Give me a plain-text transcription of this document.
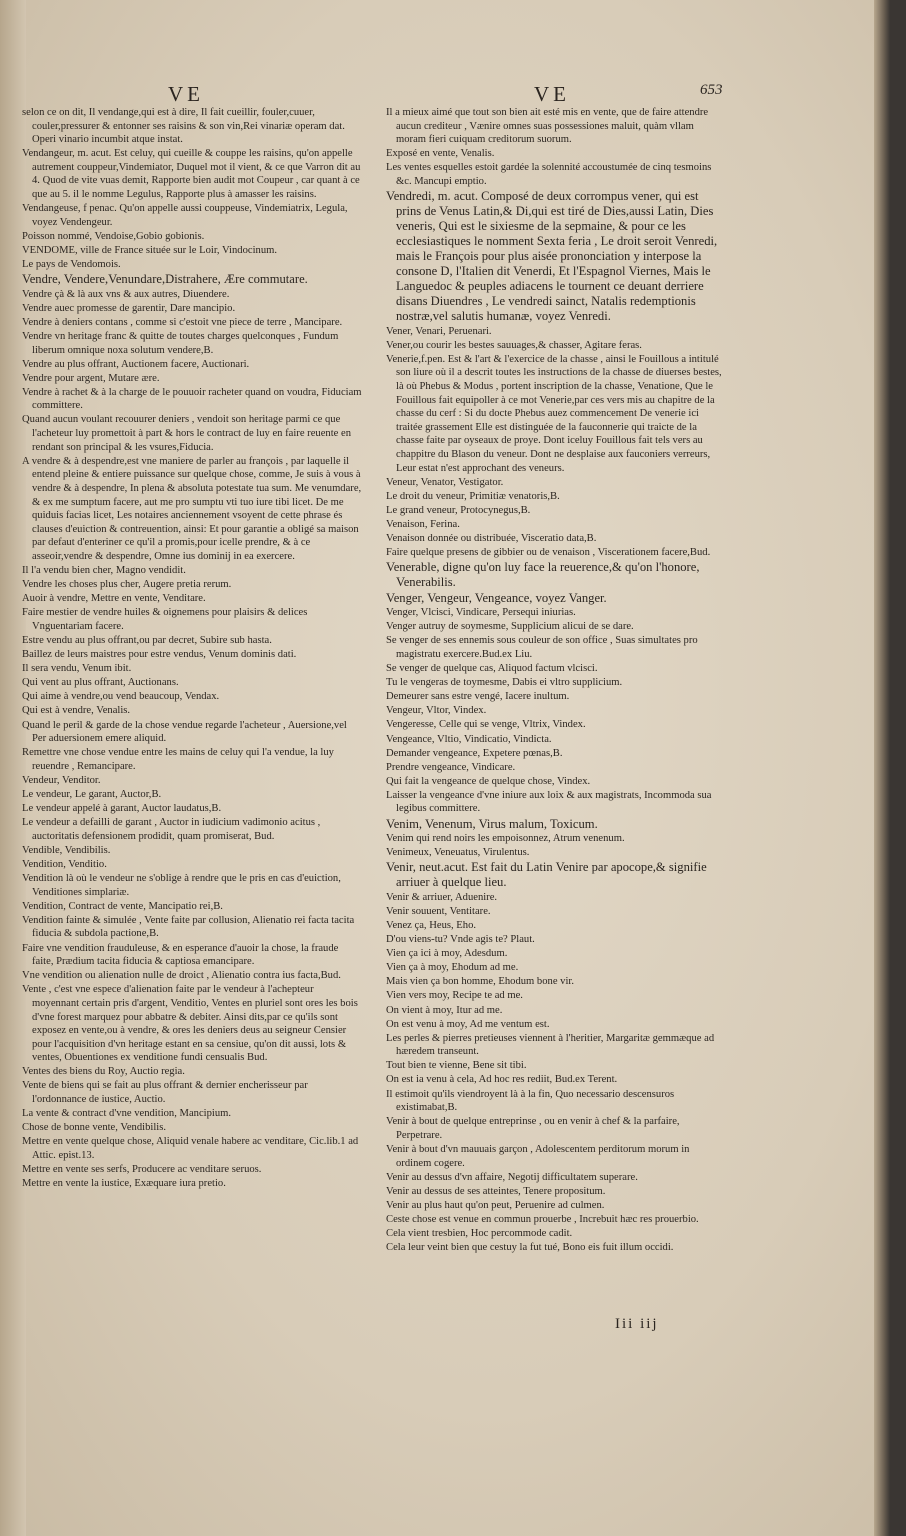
VE	VE	653

selon ce on dit, Il vendange,qui est à dire, Il fait cueillir, fouler,cuuer, couler,pressurer & entonner ses raisins & son vin,Rei vinariæ operam dat. Operi vinario incumbit atque instat.

Vendangeur, m. acut. Est celuy, qui cueille & couppe les raisins, qu'on appelle autrement couppeur,Vindemiator, Duquel mot il vient, & ce que Varron dit au 4. Quod de vite vuas demit, Rapporte bien audit mot Coupeur , car quant à ce que au 5. il le nomme Legulus, Rapporte plus à amasser les raisins.

Vendangeuse, f penac. Qu'on appelle aussi couppeuse, Vindemiatrix, Legula, voyez Vendengeur.

Poisson nommé, Vendoise,Gobio gobionis.

VENDOME, ville de France située sur le Loir, Vindocinum.

Le pays de Vendomois.

Vendre, Vendere,Venundare,Distrahere, Ære commutare.

Vendre çà & là aux vns & aux autres, Diuendere.

Vendre auec promesse de garentir, Dare mancipio.

Vendre à deniers contans , comme si c'estoit vne piece de terre , Mancipare.

Vendre vn heritage franc & quitte de toutes charges quelconques , Fundum liberum omnique noxa solutum vendere,B.

Vendre au plus offrant, Auctionem facere, Auctionari.

Vendre pour argent, Mutare ære.

Vendre à rachet & à la charge de le pouuoir racheter quand on voudra, Fiduciam committere.

Quand aucun voulant recouurer deniers , vendoit son heritage parmi ce que l'acheteur luy promettoit à part & hors le contract de luy en faire reuente en rendant son principal & les vsures,Fiducia.

A vendre & à despendre,est vne maniere de parler au françois , par laquelle il entend pleine & entiere puissance sur quelque chose, comme, Je suis à vous à vendre & à despendre, In plena & absoluta potestate tua sum. Me venumdare, & ex me sumptum facere, aut me pro sumptu vti tuo iure tibi licet. De me quiduis facias licet, Les notaires anciennement vsoyent de cette phrase és clauses d'euiction & contreuention, ainsi: Et pour garantie a obligé sa maison par defaut d'enteriner ce qu'il a promis,pour icelle prendre, & à ce asseoir,vendre & despendre, Omne ius dominij in ea exercere.

Il l'a vendu bien cher, Magno vendidit.

Vendre les choses plus cher, Augere pretia rerum.

Auoir à vendre, Mettre en vente, Venditare.

Faire mestier de vendre huiles & oignemens pour plaisirs & delices Vnguentariam facere.

Estre vendu au plus offrant,ou par decret, Subire sub hasta.

Baillez de leurs maistres pour estre vendus, Venum dominis dati.

Il sera vendu, Venum ibit.

Qui vent au plus offrant, Auctionans.

Qui aime à vendre,ou vend beaucoup, Vendax.

Qui est à vendre, Venalis.

Quand le peril & garde de la chose vendue regarde l'acheteur , Auersione,vel Per aduersionem emere aliquid.

Remettre vne chose vendue entre les mains de celuy qui l'a vendue, la luy reuendre , Remancipare.

Vendeur, Venditor.

Le vendeur, Le garant, Auctor,B.

Le vendeur appelé à garant, Auctor laudatus,B.

Le vendeur a defailli de garant , Auctor in iudicium vadimonio acitus , auctoritatis defensionem prodidit, quam promiserat, Bud.

Vendible, Vendibilis.

Vendition, Venditio.

Vendition là où le vendeur ne s'oblige à rendre que le pris en cas d'euiction, Venditiones simplariæ.

Vendition, Contract de vente, Mancipatio rei,B.

Vendition fainte & simulée , Vente faite par collusion, Alienatio rei facta tacita fiducia & subdola pactione,B.

Faire vne vendition frauduleuse, & en esperance d'auoir la chose, la fraude faite, Prædium tacita fiducia & captiosa emancipare.

Vne vendition ou alienation nulle de droict , Alienatio contra ius facta,Bud.

Vente , c'est vne espece d'alienation faite par le vendeur à l'achepteur moyennant certain pris d'argent, Venditio, Ventes en pluriel sont ores les bois d'vne forest marquez pour abbatre & debiter. Ainsi dits,par ce qu'ils sont exposez en vente,ou à vendre, & ores les deniers deus au seigneur Censier pour l'acquisition d'vn heritage estant en sa censiue, qu'on dit aussi, lots & ventes, Obuentiones ex venditione fundi censualis Bud.

Ventes des biens du Roy, Auctio regia.

Vente de biens qui se fait au plus offrant & dernier encherisseur par l'ordonnance de iustice, Auctio.

La vente & contract d'vne vendition, Mancipium.

Chose de bonne vente, Vendibilis.

Mettre en vente quelque chose, Aliquid venale habere ac venditare, Cic.lib.1 ad Attic. epist.13.

Mettre en vente ses serfs, Producere ac venditare seruos.

Mettre en vente la iustice, Exæquare iura pretio.

Il a mieux aimé que tout son bien ait esté mis en vente, que de faire attendre aucun crediteur , Vænire omnes suas possessiones maluit, quàm vllam moram fieri cuiquam creditorum suorum.

Exposé en vente, Venalis.

Les ventes esquelles estoit gardée la solennité accoustumée de cinq tesmoins &c. Mancupi emptio.

Vendredi, m. acut. Composé de deux corrompus vener, qui est prins de Venus Latin,& Di,qui est tiré de Dies,aussi Latin, Dies veneris, Qui est le sixiesme de la sepmaine, & pour ce les ecclesiastiques le nomment Sexta feria , Le droit seroit Venredi, mais le François pour plus aisée prononciation y interpose la consone D, l'Italien dit Venerdi, Et l'Espagnol Viernes, Mais le Languedoc & peuples adiacens le tournent ce deuant derriere disans Diuendres , Le vendredi sainct, Natalis redemptionis nostræ,vel salutis humanæ, voyez Venredi.

Vener, Venari, Peruenari.

Vener,ou courir les bestes sauuages,& chasser, Agitare feras.

Venerie,f.pen. Est & l'art & l'exercice de la chasse , ainsi le Fouillous a intitulé son liure où il a descrit toutes les instructions de la chasse de diuerses bestes, là où Phebus & Modus , portent inscription de la chasse, Venatione, Que le Fouillous fait equipoller à ce mot Venerie,par ces vers mis au chapitre de la chasse du cerf : Si du docte Phebus auez commencement De venerie ici traitée grassement Elle est distinguée de la fauconnerie qui traicte de la chasse faite par oyseaux de proye. Dont iceluy Fouillous fait tels vers au chappitre du Blason du veneur. Dont ne desplaise aux fauconiers verreurs, Leur estat n'est approchant des veneurs.

Veneur, Venator, Vestigator.

Le droit du veneur, Primitiæ venatoris,B.

Le grand veneur, Protocynegus,B.

Venaison, Ferina.

Venaison donnée ou distribuée, Visceratio data,B.

Faire quelque presens de gibbier ou de venaison , Viscerationem facere,Bud.

Venerable, digne qu'on luy face la reuerence,& qu'on l'honore, Venerabilis.

Venger, Vengeur, Vengeance, voyez Vanger.

Venger, Vlcisci, Vindicare, Persequi iniurias.

Venger autruy de soymesme, Supplicium alicui de se dare.

Se venger de ses ennemis sous couleur de son office , Suas simultates pro magistratu exercere.Bud.ex Liu.

Se venger de quelque cas, Aliquod factum vlcisci.

Tu le vengeras de toymesme, Dabis ei vltro supplicium.

Demeurer sans estre vengé, Iacere inultum.

Vengeur, Vltor, Vindex.

Vengeresse, Celle qui se venge, Vltrix, Vindex.

Vengeance, Vltio, Vindicatio, Vindicta.

Demander vengeance, Expetere pœnas,B.

Prendre vengeance, Vindicare.

Qui fait la vengeance de quelque chose, Vindex.

Laisser la vengeance d'vne iniure aux loix & aux magistrats, Incommoda sua legibus committere.

Venim, Venenum, Virus malum, Toxicum.

Venim qui rend noirs les empoisonnez, Atrum venenum.

Venimeux, Veneuatus, Virulentus.

Venir, neut.acut. Est fait du Latin Venire par apocope,& signifie arriuer à quelque lieu.

Venir & arriuer, Aduenire.

Venir souuent, Ventitare.

Venez ça, Heus, Eho.

D'ou viens-tu? Vnde agis te? Plaut.

Vien ça ici à moy, Adesdum.

Vien ça à moy, Ehodum ad me.

Mais vien ça bon homme, Ehodum bone vir.

Vien vers moy, Recipe te ad me.

On vient à moy, Itur ad me.

On est venu à moy, Ad me ventum est.

Les perles & pierres pretieuses viennent à l'heritier, Margaritæ gemmæque ad hæredem transeunt.

Tout bien te vienne, Bene sit tibi.

On est ia venu à cela, Ad hoc res rediit, Bud.ex Terent.

Il estimoit qu'ils viendroyent là à la fin, Quo necessario descensuros existimabat,B.

Venir à bout de quelque entreprinse , ou en venir à chef & la parfaire, Perpetrare.

Venir à bout d'vn mauuais garçon , Adolescentem perditorum morum in ordinem cogere.

Venir au dessus d'vn affaire, Negotij difficultatem superare.

Venir au dessus de ses atteintes, Tenere propositum.

Venir au plus haut qu'on peut, Peruenire ad culmen.

Ceste chose est venue en commun prouerbe , Increbuit hæc res prouerbio.

Cela vient tresbien, Hoc percommode cadit.

Cela leur veint bien que cestuy la fut tué, Bono eis fuit illum occidi.

Iii iij
